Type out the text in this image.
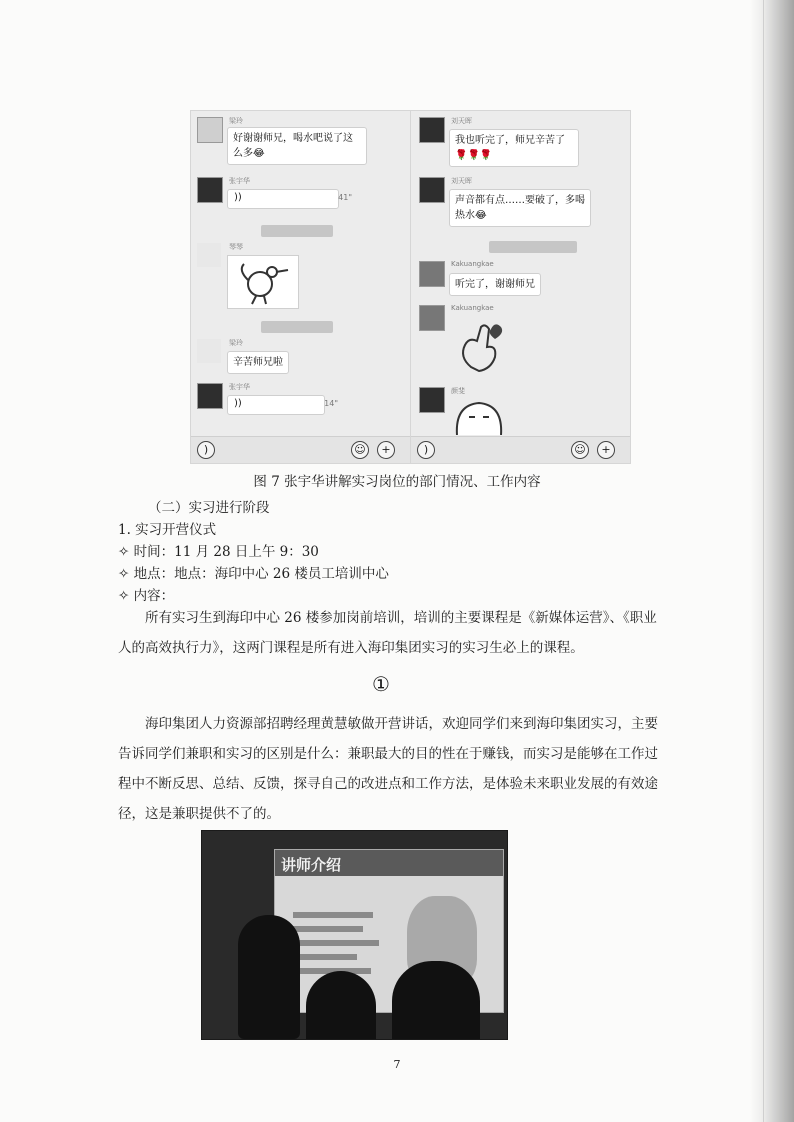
梁玲
好谢谢师兄，喝水吧说了这么多😂
张宇华
))	41"
琴琴
梁玲
辛苦师兄啦
张宇华
))	14"
)	☺	+
刘天晖
我也听完了，师兄辛苦了🌹🌹🌹
刘天晖
声音都有点……要破了，多喝热水😂
Kakuangkae
听完了，谢谢师兄
Kakuangkae
颜斐
)	☺	+
图 7 张宇华讲解实习岗位的部门情况、工作内容
（二）实习进行阶段
1. 实习开营仪式
✧ 时间：11 月 28 日上午 9：30
✧ 地点：地点：海印中心 26 楼员工培训中心
✧ 内容：
所有实习生到海印中心 26 楼参加岗前培训，培训的主要课程是《新媒体运营》、《职业人的高效执行力》，这两门课程是所有进入海印集团实习的实习生必上的课程。
①
海印集团人力资源部招聘经理黄慧敏做开营讲话，欢迎同学们来到海印集团实习，主要告诉同学们兼职和实习的区别是什么：兼职最大的目的性在于赚钱，而实习是能够在工作过程中不断反思、总结、反馈，探寻自己的改进点和工作方法，是体验未来职业发展的有效途径，这是兼职提供不了的。
讲师介绍
7
